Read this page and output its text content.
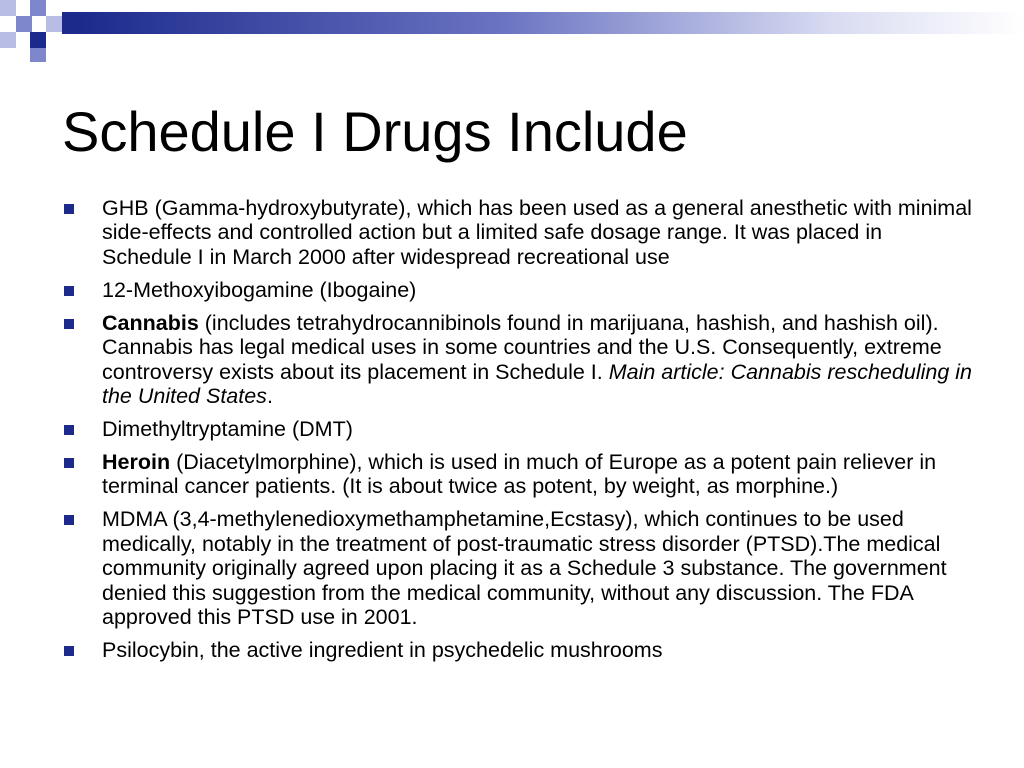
Schedule I Drugs Include
GHB (Gamma-hydroxybutyrate), which has been used as a general anesthetic with minimal side-effects and controlled action but a limited safe dosage range. It was placed in Schedule I in March 2000 after widespread recreational use
12-Methoxyibogamine (Ibogaine)
Cannabis (includes tetrahydrocannibinols found in marijuana, hashish, and hashish oil). Cannabis has legal medical uses in some countries and the U.S. Consequently, extreme controversy exists about its placement in Schedule I. Main article: Cannabis rescheduling in the United States.
Dimethyltryptamine (DMT)
Heroin (Diacetylmorphine), which is used in much of Europe as a potent pain reliever in terminal cancer patients. (It is about twice as potent, by weight, as morphine.)
MDMA (3,4-methylenedioxymethamphetamine,Ecstasy), which continues to be used medically, notably in the treatment of post-traumatic stress disorder (PTSD).The medical community originally agreed upon placing it as a Schedule 3 substance. The government denied this suggestion from the medical community, without any discussion. The FDA approved this PTSD use in 2001.
Psilocybin, the active ingredient in psychedelic mushrooms
